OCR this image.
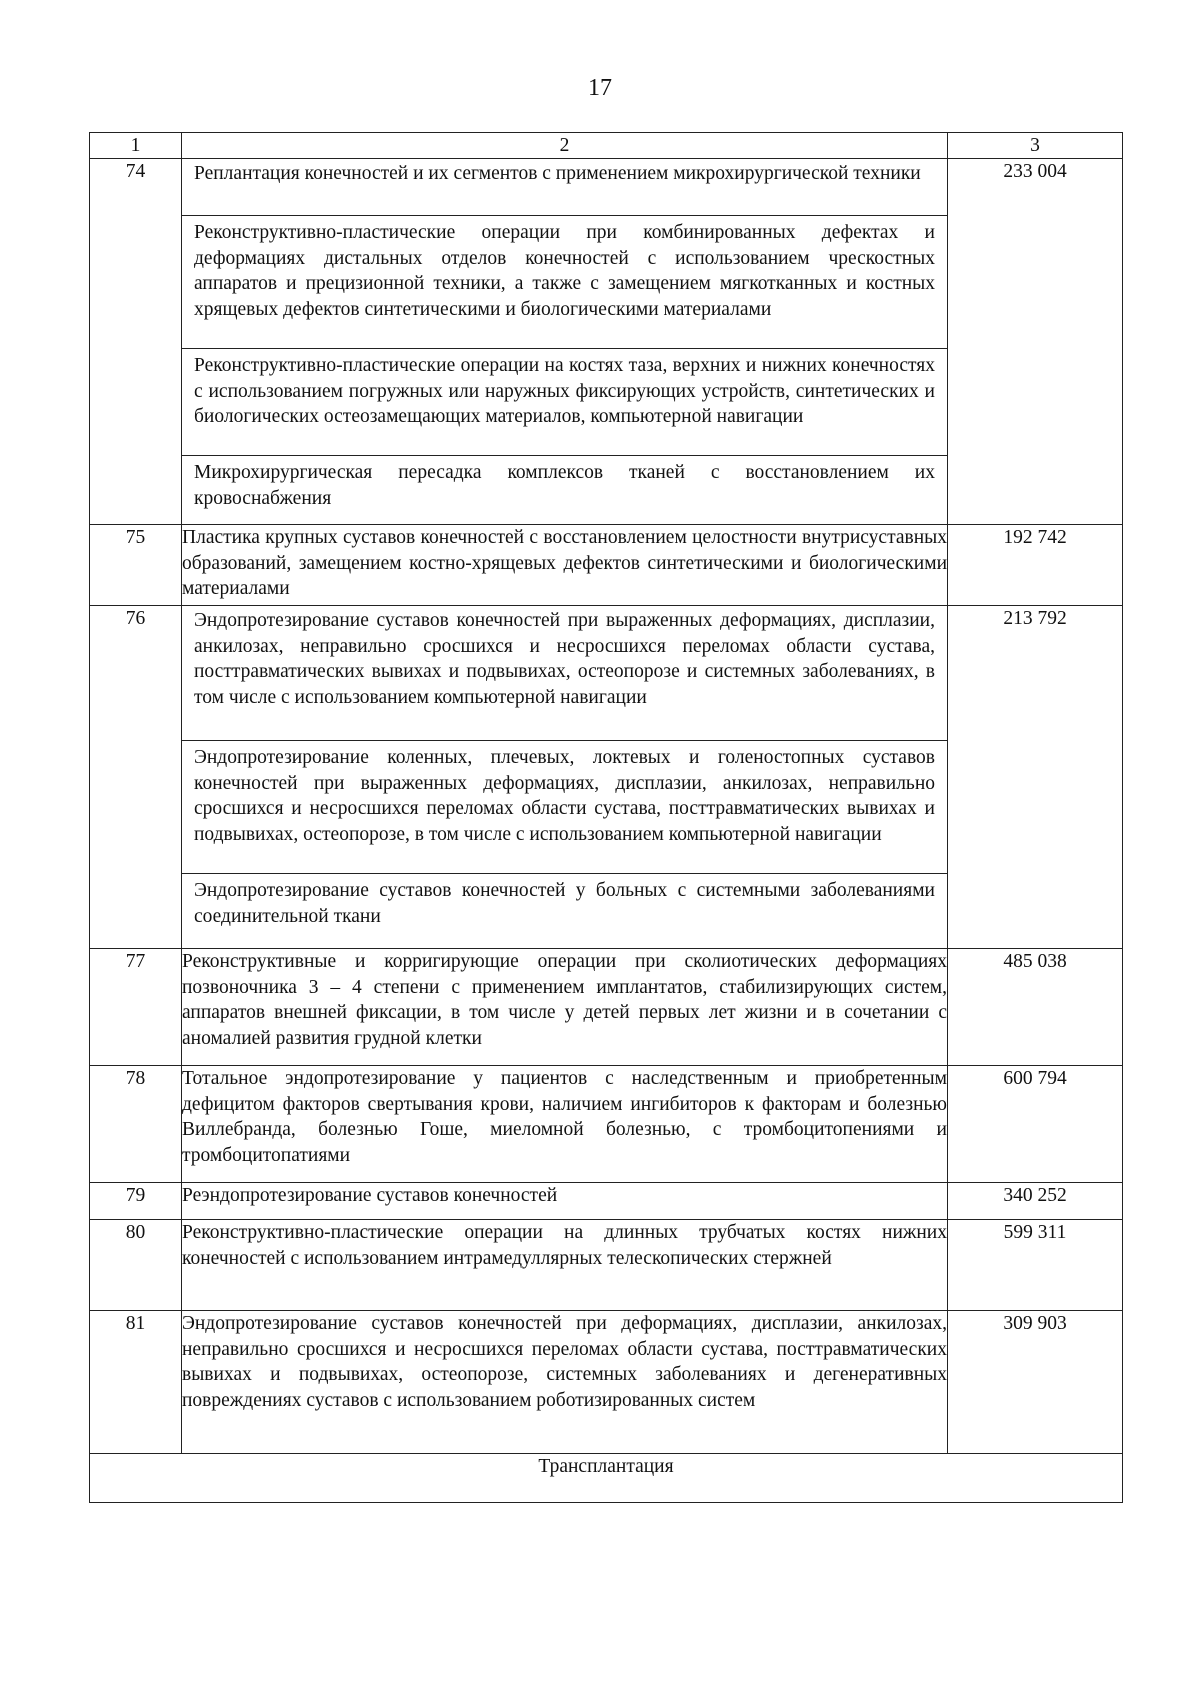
17
1	2	3
74	Реплантация конечностей и их сегментов с применением микрохирургической техники
Реконструктивно-пластические операции при комбинированных дефектах и деформациях дистальных отделов конечностей с использованием чрескостных аппаратов и прецизионной техники, а также с замещением мягкотканных и костных хрящевых дефектов синтетическими и биологическими материалами
Реконструктивно-пластические операции на костях таза, верхних и нижних конечностях с использованием погружных или наружных фиксирующих устройств, синтетических и биологических остеозамещающих материалов, компьютерной навигации
Микрохирургическая пересадка комплексов тканей с восстановлением их кровоснабжения	233 004
75	Пластика крупных суставов конечностей с восстановлением целостности внутрисуставных образований, замещением костно-хрящевых дефектов синтетическими и биологическими материалами	192 742
76	Эндопротезирование суставов конечностей при выраженных деформациях, дисплазии, анкилозах, неправильно сросшихся и несросшихся переломах области сустава, посттравматических вывихах и подвывихах, остеопорозе и системных заболеваниях, в том числе с использованием компьютерной навигации
Эндопротезирование коленных, плечевых, локтевых и голеностопных суставов конечностей при выраженных деформациях, дисплазии, анкилозах, неправильно сросшихся и несросшихся переломах области сустава, посттравматических вывихах и подвывихах, остеопорозе, в том числе с использованием компьютерной навигации
Эндопротезирование суставов конечностей у больных с системными заболеваниями соединительной ткани	213 792
77	Реконструктивные и корригирующие операции при сколиотических деформациях позвоночника 3 – 4 степени с применением имплантатов, стабилизирующих систем, аппаратов внешней фиксации, в том числе у детей первых лет жизни и в сочетании с аномалией развития грудной клетки	485 038
78	Тотальное эндопротезирование у пациентов с наследственным и приобретенным дефицитом факторов свертывания крови, наличием ингибиторов к факторам и болезнью Виллебранда, болезнью Гоше, миеломной болезнью, с тромбоцитопениями и тромбоцитопатиями	600 794
79	Реэндопротезирование суставов конечностей	340 252
80	Реконструктивно-пластические операции на длинных трубчатых костях нижних конечностей с использованием интрамедуллярных телескопических стержней	599 311
81	Эндопротезирование суставов конечностей при деформациях, дисплазии, анкилозах, неправильно сросшихся и несросшихся переломах области сустава, посттравматических вывихах и подвывихах, остеопорозе, системных заболеваниях и дегенеративных повреждениях суставов с использованием роботизированных систем	309 903
Трансплантация		
